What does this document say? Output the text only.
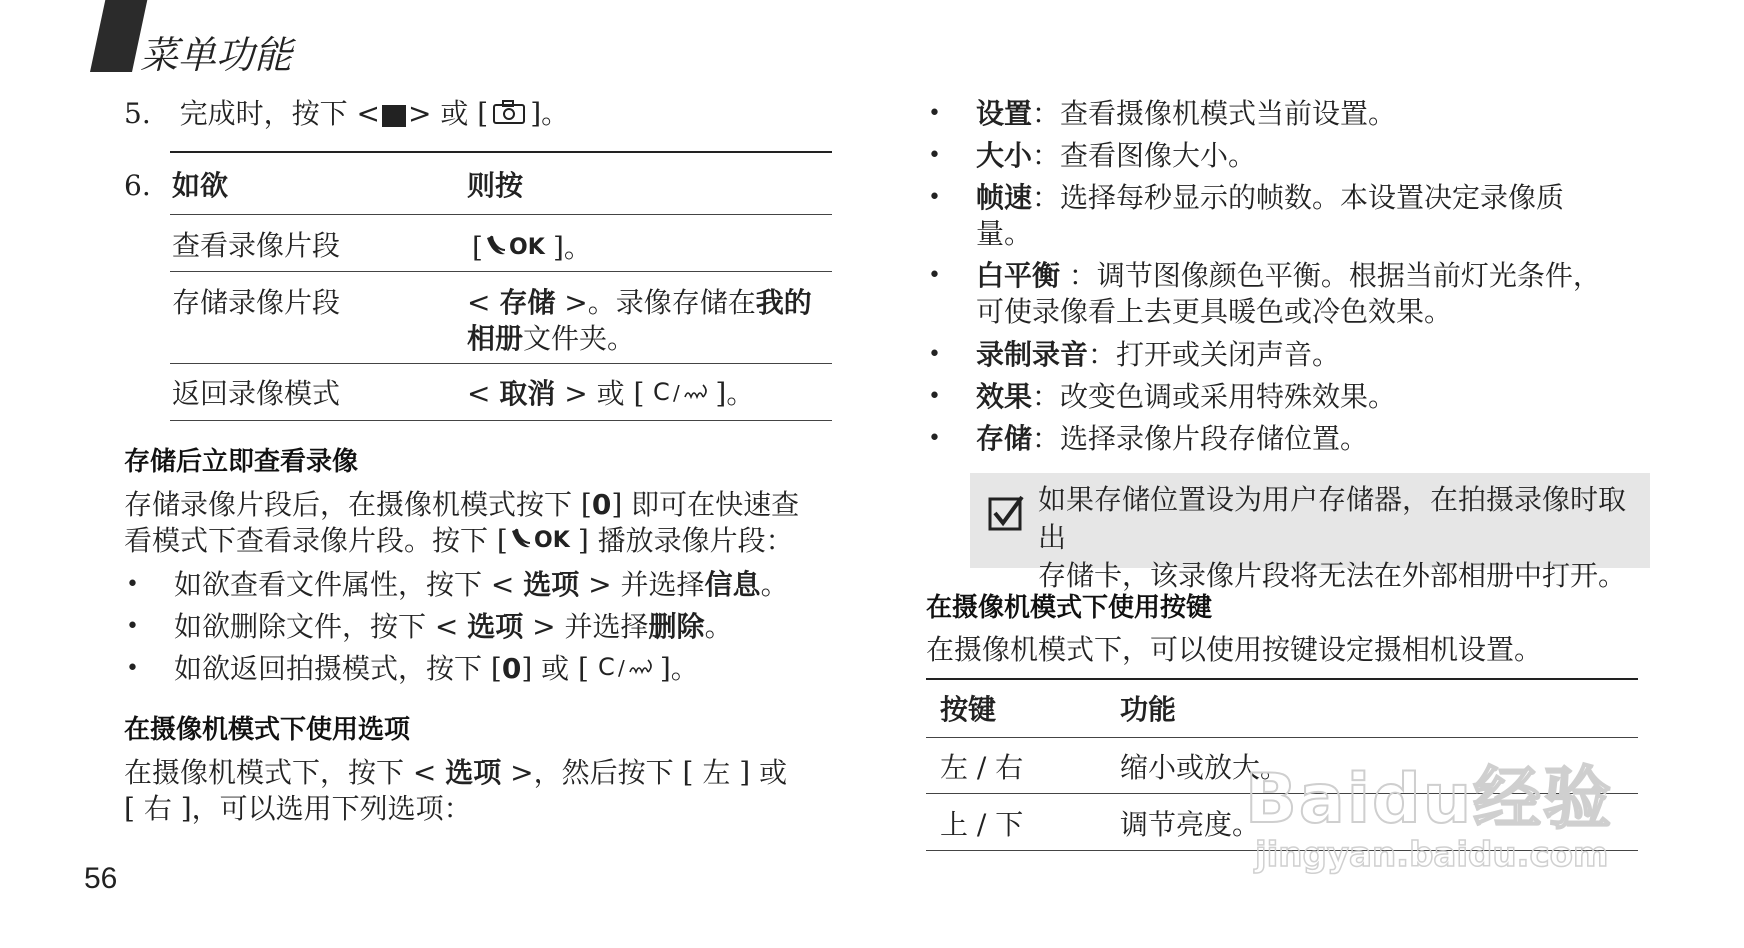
菜单功能
5. 完成时，按下 < > 或 [ ]。
6. 如欲	则按
查看录像片段	[ OK ]。
存储录像片段	< 存储 >。录像存储在我的
相册文件夹。
返回录像模式	< 取消 > 或 [ C / ]。
存储后立即查看录像
存储录像片段后，在摄像机模式按下 [0] 即可在快速查
看模式下查看录像片段。按下 [ OK ] 播放录像片段：
• 如欲查看文件属性，按下 < 选项 > 并选择信息。
• 如欲删除文件，按下 < 选项 > 并选择删除。
• 如欲返回拍摄模式，按下 [0] 或 [ C / ]。
在摄像机模式下使用选项
在摄像机模式下，按下 < 选项 >，然后按下 [ 左 ] 或
[ 右 ]，可以选用下列选项：
56
• 设置：查看摄像机模式当前设置。
• 大小：查看图像大小。
• 帧速：选择每秒显示的帧数。本设置决定录像质
量。
• 白平衡 ：调节图像颜色平衡。根据当前灯光条件，
可使录像看上去更具暖色或冷色效果。
• 录制录音：打开或关闭声音。
• 效果：改变色调或采用特殊效果。
• 存储：选择录像片段存储位置。
如果存储位置设为用户存储器，在拍摄录像时取出
存储卡，该录像片段将无法在外部相册中打开。
在摄像机模式下使用按键
在摄像机模式下，可以使用按键设定摄相机设置。
按键	功能
左 / 右	缩小或放大。
上 / 下	调节亮度。
Baidu经验
jingyan.baidu.com
